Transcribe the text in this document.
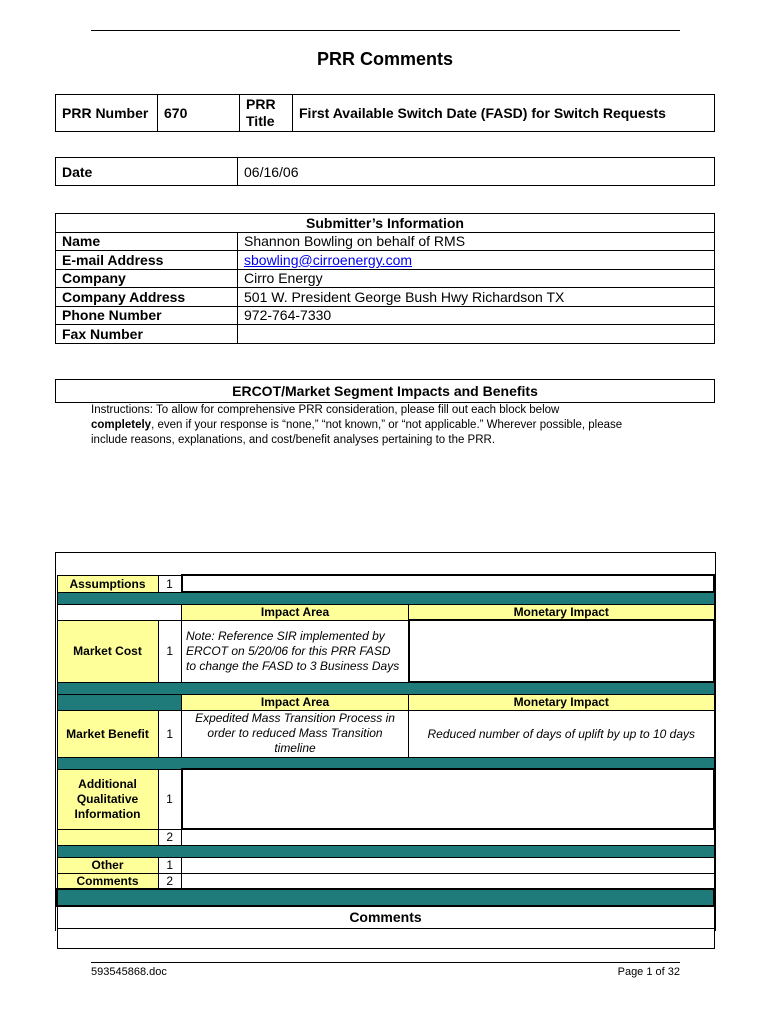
PRR Comments
PRR Number	670	PRR Title	First Available Switch Date (FASD) for Switch Requests
Date	06/16/06
Submitter’s Information	
Name	Shannon Bowling on behalf of RMS
E-mail Address	sbowling@cirroenergy.com
Company	Cirro Energy
Company Address	501 W. President George Bush Hwy Richardson TX
Phone Number	972-764-7330
Fax Number	
ERCOT/Market Segment Impacts and Benefits
Instructions: To allow for comprehensive PRR consideration, please fill out each block below
completely, even if your response is “none,” “not known,” or “not applicable.” Wherever possible, please
include reasons, explanations, and cost/benefit analyses pertaining to the PRR.
Assumptions	1		

		Impact Area	Monetary Impact
Market Cost	1	Note: Reference SIR implemented by ERCOT on 5/20/06 for this PRR FASD to change the FASD to 3 Business Days	

		Impact Area	Monetary Impact
Market Benefit	1	Expedited Mass Transition Process in order to reduced Mass Transition timeline	Reduced number of days of uplift by up to 10 days

Additional Qualitative Information	1		
	2		

Other	1		
Comments	2		

Comments			

593545868.doc	Page 1 of 32
